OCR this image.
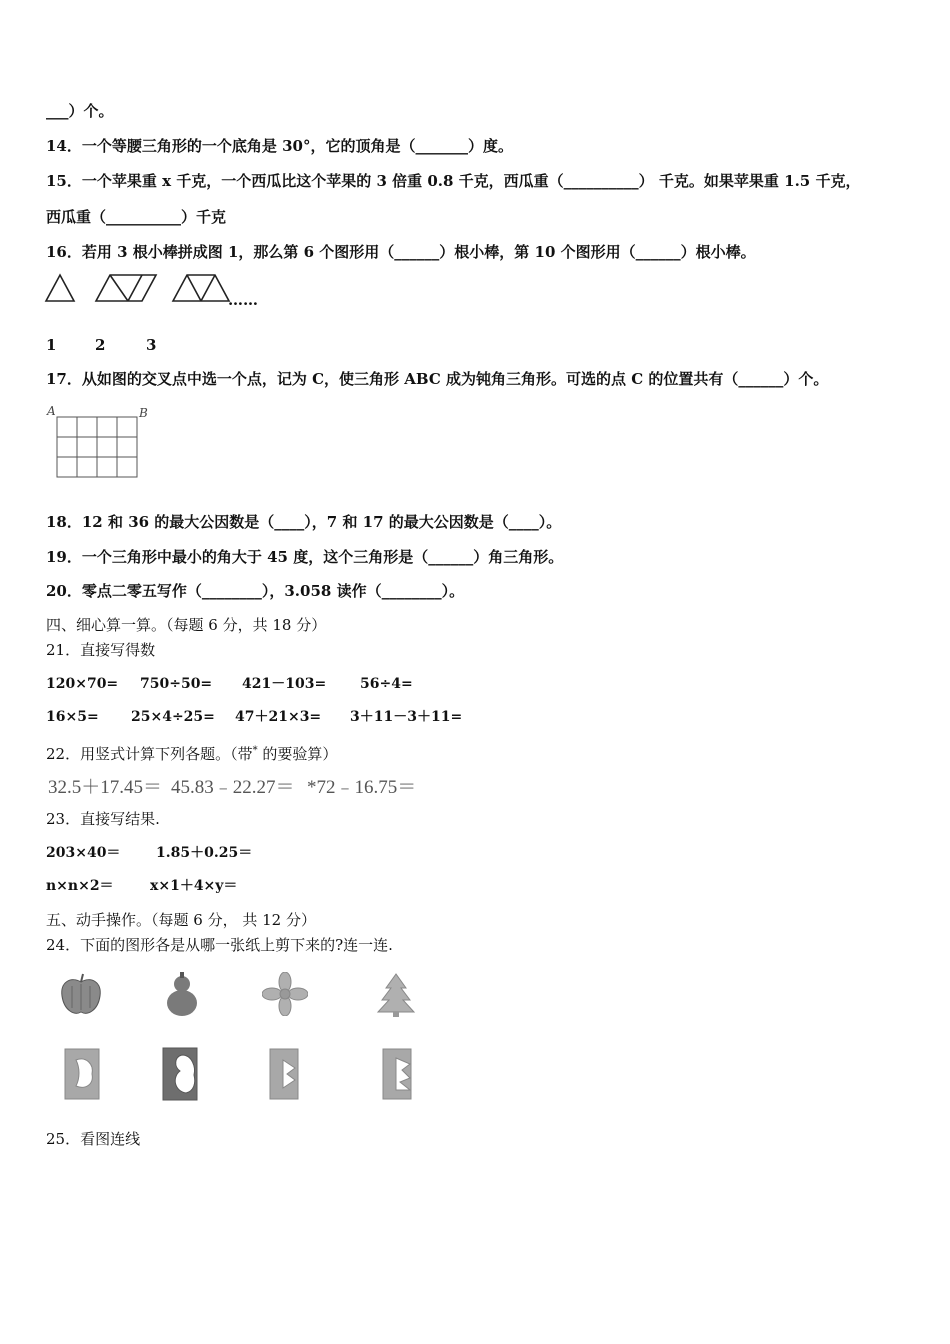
___）个。
14．一个等腰三角形的一个底角是 30°，它的顶角是（_______）度。
15．一个苹果重 x 千克，一个西瓜比这个苹果的 3 倍重 0.8 千克，西瓜重（__________） 千克。如果苹果重 1.5 千克，
西瓜重（__________）千克
16．若用 3 根小棒拼成图 1，那么第 6 个图形用（______）根小棒，第 10 个图形用（______）根小棒。
……
1	2	3
17．从如图的交叉点中选一个点，记为 C，使三角形 ABC 成为钝角三角形。可选的点 C 的位置共有（______）个。
A	B
18．12 和 36 的最大公因数是（____），7 和 17 的最大公因数是（____）。
19．一个三角形中最小的角大于 45 度，这个三角形是（______）角三角形。
20．零点二零五写作（________），3.058 读作（________）。
四、细心算一算。（每题 6 分，共 18 分）
21．直接写得数
120×70= 750÷50= 421－103= 56÷4=
16×5= 25×4÷25= 47＋21×3= 3＋11－3＋11=
22．用竖式计算下列各题。（带* 的要验算）
32.5＋17.45＝ 45.83﹣22.27＝ *72﹣16.75＝
23．直接写结果.
203×40＝	1.85＋0.25＝
n×n×2＝	x×1＋4×y＝
五、动手操作。（每题 6 分， 共 12 分）
24．下面的图形各是从哪一张纸上剪下来的?连一连.
25．看图连线
